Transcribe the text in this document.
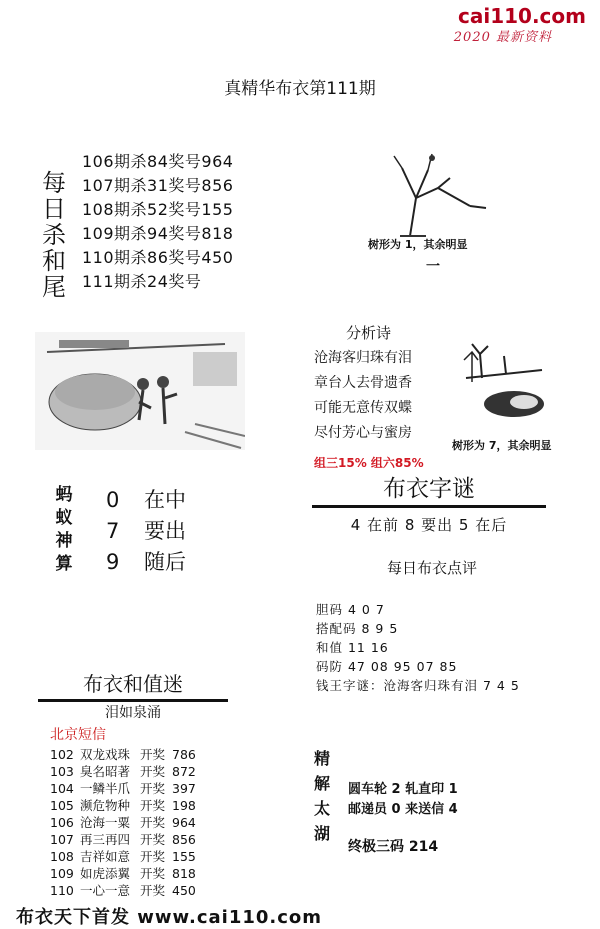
cai110.com
2020 最新资料
真精华布衣第111期
每日杀和尾
106期杀84奖号964
107期杀31奖号856
108期杀52奖号155
109期杀94奖号818
110期杀86奖号450
111期杀24奖号
树形为 1，其余明显
一
分析诗
沧海客归珠有泪
章台人去骨遗香
可能无意传双蝶
尽付芳心与蜜房
树形为 7，其余明显
组三15% 组六85%
蚂蚁神算
0 在中
7 要出
9 随后
布衣字谜
4 在前 8 要出 5 在后
每日布衣点评
胆码 4 0 7
搭配码 8 9 5
和值 11 16
码防 47 08 95 07 85
钱王字谜：沧海客归珠有泪 7 4 5
布衣和值迷
泪如泉涌
北京短信
102 双龙戏珠 开奖 786
103 臭名昭著 开奖 872
104 一鳞半爪 开奖 397
105 濒危物种 开奖 198
106 沧海一粟 开奖 964
107 再三再四 开奖 856
108 吉祥如意 开奖 155
109 如虎添翼 开奖 818
110 一心一意 开奖 450
精解太湖
圆车轮 2 轧直印 1
邮递员 0 来送信 4
终极三码 214
布衣天下首发 www.cai110.com
